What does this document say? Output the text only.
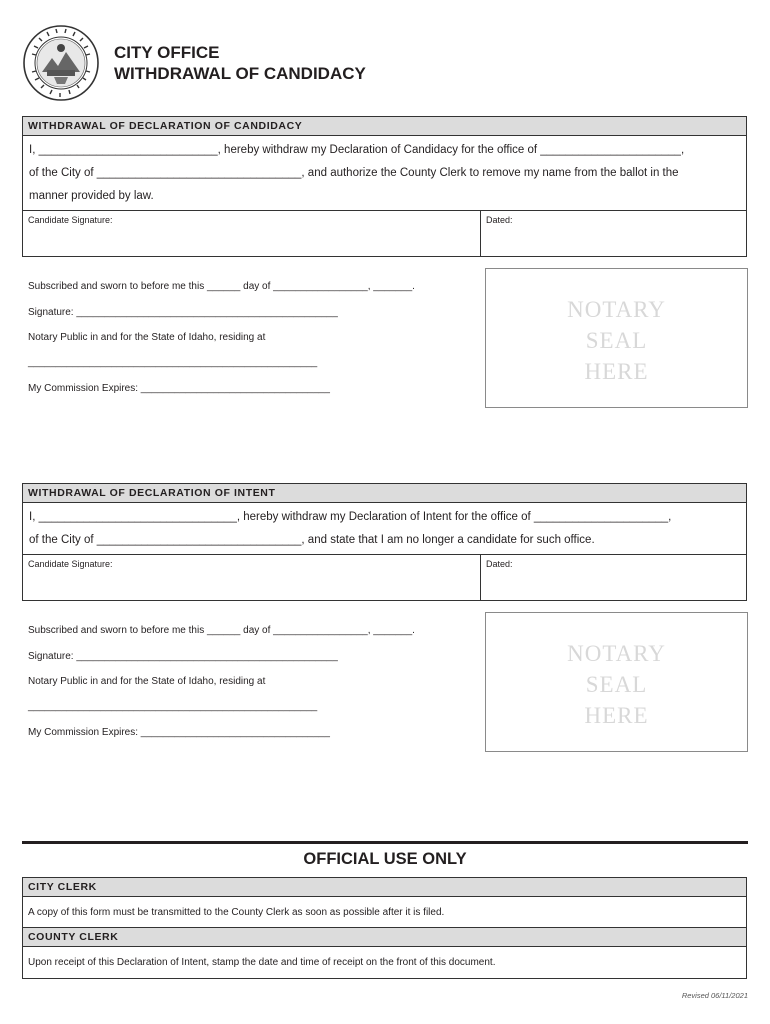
CITY OFFICE
WITHDRAWAL OF CANDIDACY
WITHDRAWAL OF DECLARATION OF CANDIDACY
I, ____________________________, hereby withdraw my Declaration of Candidacy for the office of ______________________,
of the City of ________________________________, and authorize the County Clerk to remove my name from the ballot in the
manner provided by law.
Candidate Signature:	Dated:
Subscribed and sworn to before me this ______ day of _________________, _______.
Signature: _______________________________________________
Notary Public in and for the State of Idaho, residing at
____________________________________________________
My Commission Expires: __________________________________
NOTARY
SEAL
HERE
WITHDRAWAL OF DECLARATION OF INTENT
I, _______________________________, hereby withdraw my Declaration of Intent for the office of _____________________,
of the City of ________________________________, and state that I am no longer a candidate for such office.
Candidate Signature:	Dated:
Subscribed and sworn to before me this ______ day of _________________, _______.
Signature: _______________________________________________
Notary Public in and for the State of Idaho, residing at
____________________________________________________
My Commission Expires: __________________________________
NOTARY
SEAL
HERE
OFFICIAL USE ONLY
CITY CLERK
A copy of this form must be transmitted to the County Clerk as soon as possible after it is filed.
COUNTY CLERK
Upon receipt of this Declaration of Intent, stamp the date and time of receipt on the front of this document.
Revised 06/11/2021
